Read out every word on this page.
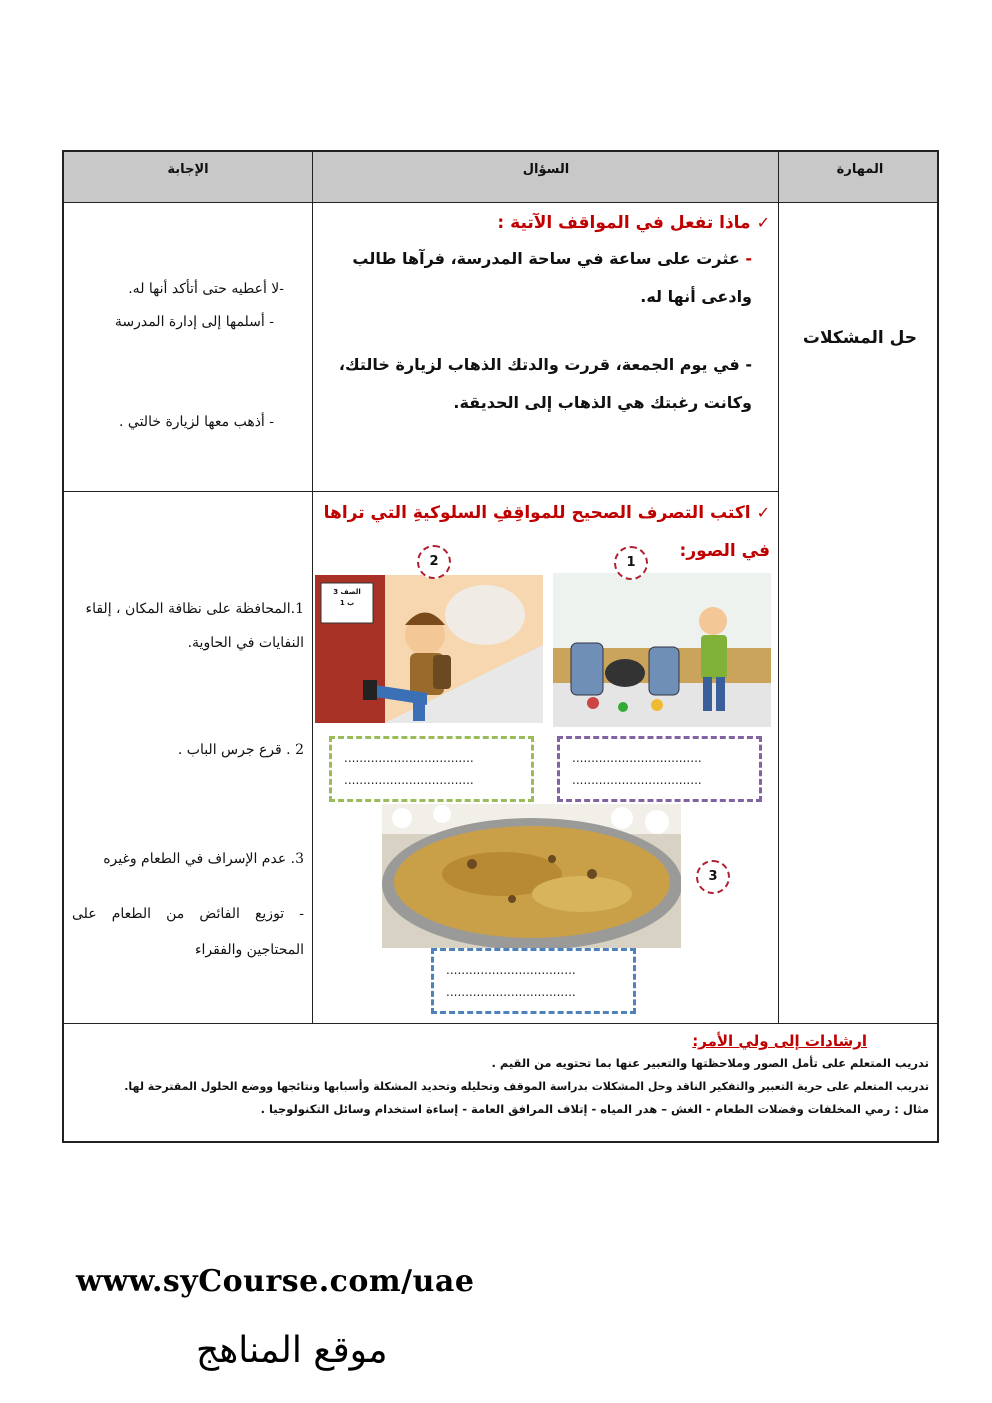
المهارة
السؤال
الإجابة
حل المشكلات
✓ماذا تفعل في المواقف الآتية :
- عثرت على ساعة في ساحة المدرسة، فرآها طالب وادعى أنها له.
- في يوم الجمعة، قررت والدتك الذهاب لزيارة خالتك، وكانت رغبتك هي الذهاب إلى الحديقة.
-لا أعطيه حتى أتأكد أنها له.
- أسلمها إلى إدارة المدرسة
- أذهب معها لزيارة خالتي .
✓اكتب التصرف الصحيح للمواقِفِ السلوكيةِ التي تراها في الصور:
الصف 3
ب 1
1
2
3
..................................
..................................
..................................
..................................
..................................
..................................
1.المحافظة على نظافة المكان ، إلقاء النفايات في الحاوية.
2 . قرع جرس الباب .
3. عدم الإسراف في الطعام وغيره
- توزيع الفائض من الطعام على المحتاجين والفقراء
ارشادات إلى ولي الأمر:
تدريب المتعلم على تأمل الصور وملاحظتها والتعبير عنها بما تحتويه من القيم .
تدريب المتعلم على حرية التعبير والتفكير الناقد وحل المشكلات بدراسة الموقف وتحليله وتحديد المشكلة وأسبابها ونتائجها ووضع الحلول المقترحة لها.
مثال : رمي المخلفات وفضلات الطعام - الغش – هدر المياه - إتلاف المرافق العامة - إساءة استخدام وسائل التكنولوجيا .
www.syCourse.com/uae
موقع المناهج
